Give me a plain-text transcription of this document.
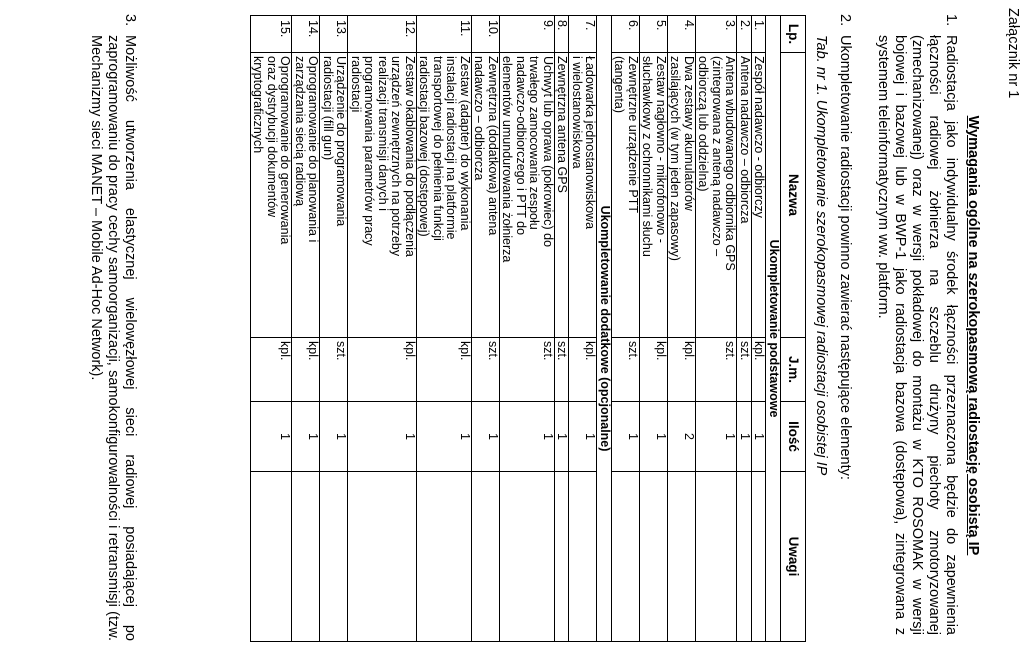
Załącznik nr 1
Wymagania ogólne na szerokopasmową radiostację osobistą IP
1.
Radiostacja jako indywidualny środek łączności przeznaczona będzie do zapewnienia łączności radiowej żołnierza na szczeblu drużyny piechoty zmotoryzowanej (zmechanizowanej) oraz w wersji pokładowej do montażu w KTO ROSOMAK w wersji bojowej i bazowej lub w BWP-1 jako radiostacja bazowa (dostępowa), zintegrowana z systemem teleinformatycznym ww. platform.
2.
Ukompletowanie radiostacji powinno zawierać następujące elementy:
Tab. nr 1. Ukompletowanie szerokopasmowej radiostacji osobistej IP
Lp.	Nazwa	J.m.	Ilość	Uwagi
Ukompletowanie podstawowe				
1.	Zespół nadawczo - odbiorczy	kpl.	1	
2.	Antena nadawczo – odbiorcza	szt.	1	
3.	Antena wbudowanego odbiornika GPS
(zintegrowana z anteną nadawczo –
odbiorczą lub oddzielna)	szt.	1	
4.	Dwa zestawy akumulatorów
zasilających (w tym jeden zapasowy)	kpl.	2	
5.	Zestaw nagłowno - mikrofonowo -
słuchawkowy z ochronnikami słuchu	kpl.	1	
6.	Zewnętrzne urządzenie PTT
(tangenta)	szt.	1	
Ukompletowanie dodatkowe (opcjonalne)				
7.	Ładowarka jednostanowiskowa
i wielostanowiskowa	kpl.	1	
8.	Zewnętrzna antena GPS	szt.	1	
9.	Uchwyt lub oprawa (pokrowiec) do
trwałego zamocowania zespołu
nadawczo-odbiorczego i PTT do
elementów umundurowania żołnierza	szt.	1	
10.	Zewnętrzna (dodatkowa) antena
nadawczo – odbiorcza	szt.	1	
11.	Zestaw (adapter) do wykonania
instalacji radiostacji na platformie
transportowej do pełnienia funkcji
radiostacji bazowej (dostępowej)	kpl.	1	
12.	Zestaw okablowania do podłączenia
urządzeń zewnętrznych na potrzeby
realizacji transmisji danych i
programowania parametrów pracy
radiostacji	kpl.	1	
13.	Urządzenie do programowania
radiostacji (fill gun)	szt.	1	
14.	Oprogramowanie do planowania i
zarządzania siecią radiową	kpl.	1	
15.	Oprogramowanie do generowania
oraz dystrybucji dokumentów
kryptograficznych	kpl.	1	
3.
Możliwość utworzenia elastycznej wielowęzłowej sieci radiowej posiadającej po zaprogramowaniu do pracy cechy samoorganizacji, samokonfigurowalności i retransmisji (tzw. Mechanizmy sieci MANET – Mobile Ad-Hoc Network).
